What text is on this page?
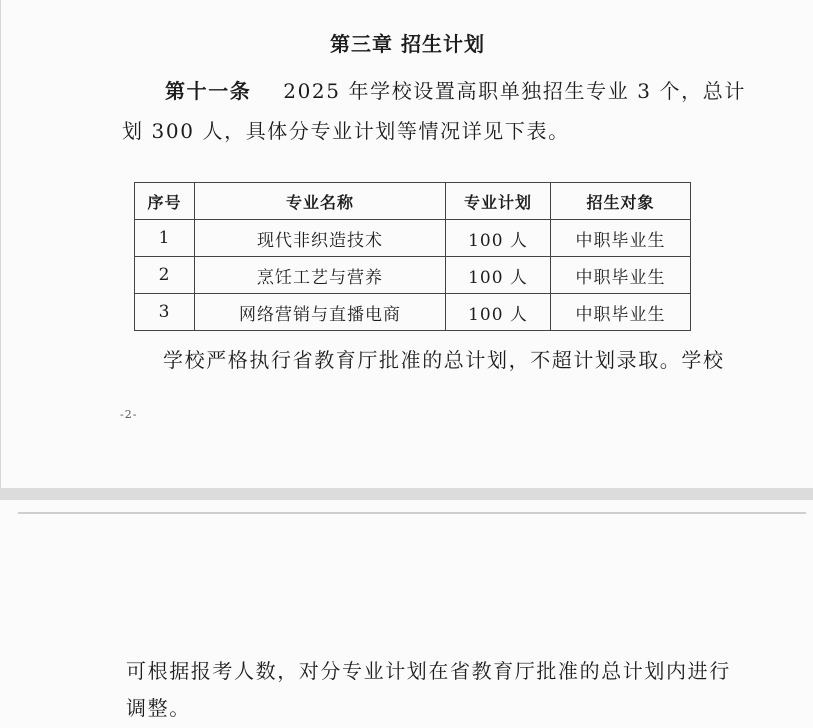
第三章 招生计划
第十一条 2025 年学校设置高职单独招生专业 3 个，总计
划 300 人，具体分专业计划等情况详见下表。
序号	专业名称	专业计划	招生对象
1	现代非织造技术	100 人	中职毕业生
2	烹饪工艺与营养	100 人	中职毕业生
3	网络营销与直播电商	100 人	中职毕业生
学校严格执行省教育厅批准的总计划，不超计划录取。学校
-2-
可根据报考人数，对分专业计划在省教育厅批准的总计划内进行
调整。
